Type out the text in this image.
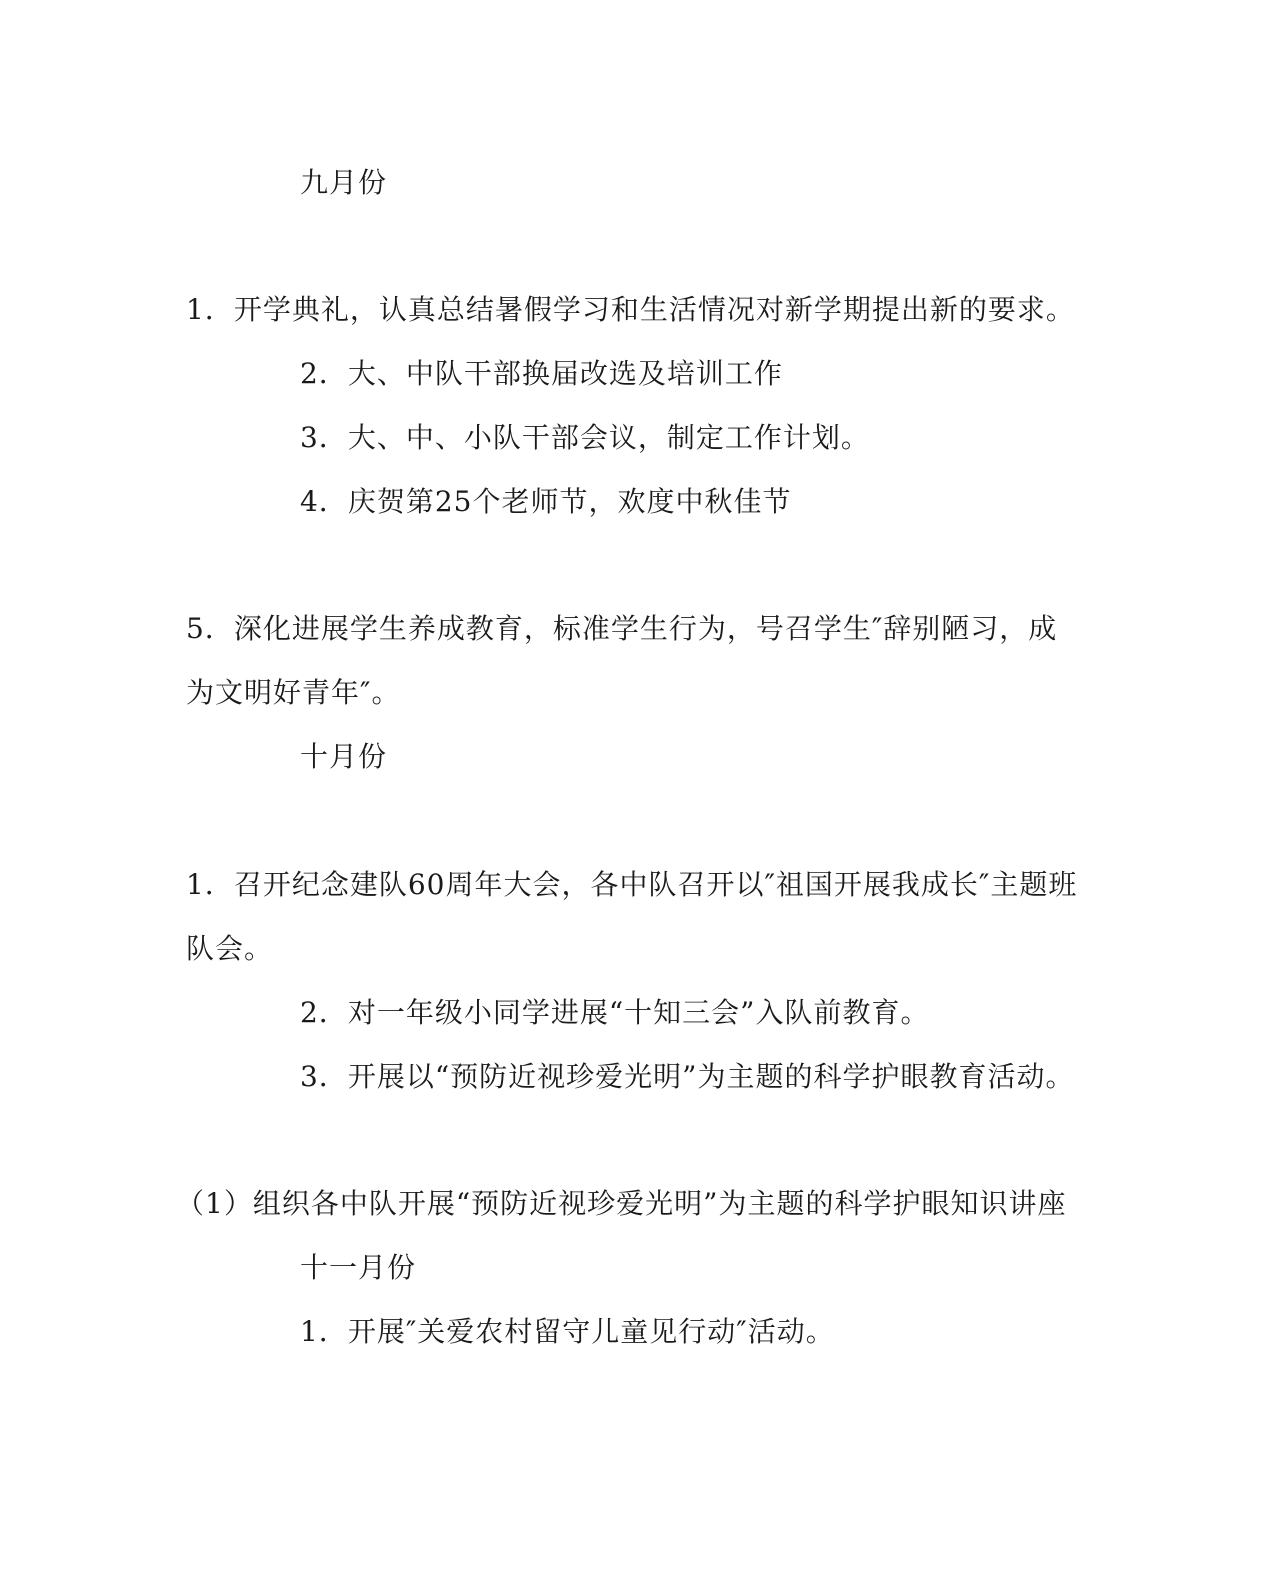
九月份
1．开学典礼，认真总结暑假学习和生活情况对新学期提出新的要求。
2．大、中队干部换届改选及培训工作
3．大、中、小队干部会议，制定工作计划。
4．庆贺第25个老师节，欢度中秋佳节
5．深化进展学生养成教育，标准学生行为，号召学生″辞别陋习，成
为文明好青年″。
十月份
1．召开纪念建队60周年大会，各中队召开以″祖国开展我成长″主题班
队会。
2．对一年级小同学进展“十知三会”入队前教育。
3．开展以“预防近视珍爱光明”为主题的科学护眼教育活动。
（1）组织各中队开展“预防近视珍爱光明”为主题的科学护眼知识讲座
十一月份
1．开展″关爱农村留守儿童见行动″活动。
